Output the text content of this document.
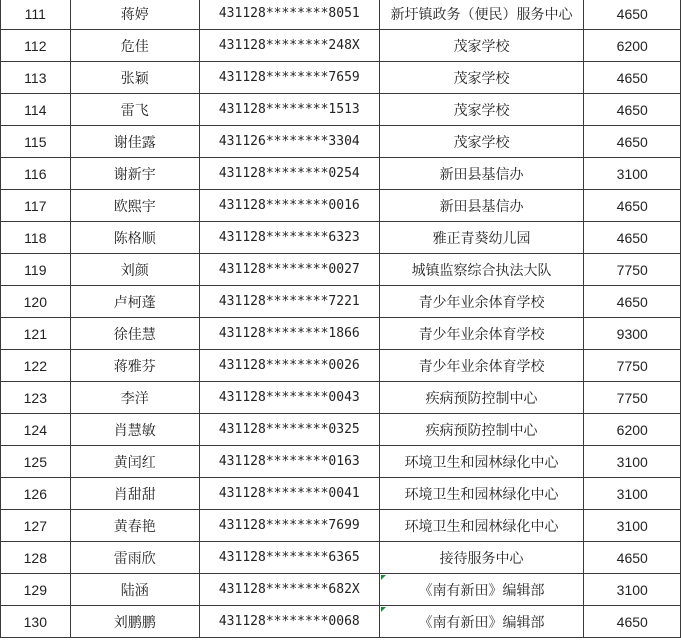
111	蒋婷	431128********8051	新圩镇政务（便民）服务中心	4650
112	危佳	431128********248X	茂家学校	6200
113	张颖	431128********7659	茂家学校	4650
114	雷飞	431128********1513	茂家学校	4650
115	谢佳露	431126********3304	茂家学校	4650
116	谢新宇	431128********0254	新田县基信办	3100
117	欧熙宇	431128********0016	新田县基信办	4650
118	陈格顺	431128********6323	雅正青葵幼儿园	4650
119	刘颜	431128********0027	城镇监察综合执法大队	7750
120	卢柯蓬	431128********7221	青少年业余体育学校	4650
121	徐佳慧	431128********1866	青少年业余体育学校	9300
122	蒋雅芬	431128********0026	青少年业余体育学校	7750
123	李洋	431128********0043	疾病预防控制中心	7750
124	肖慧敏	431128********0325	疾病预防控制中心	6200
125	黄闰红	431128********0163	环境卫生和园林绿化中心	3100
126	肖甜甜	431128********0041	环境卫生和园林绿化中心	3100
127	黄春艳	431128********7699	环境卫生和园林绿化中心	3100
128	雷雨欣	431128********6365	接待服务中心	4650
129	陆涵	431128********682X	《南有新田》编辑部	3100
130	刘鹏鹏	431128********0068	《南有新田》编辑部	4650
